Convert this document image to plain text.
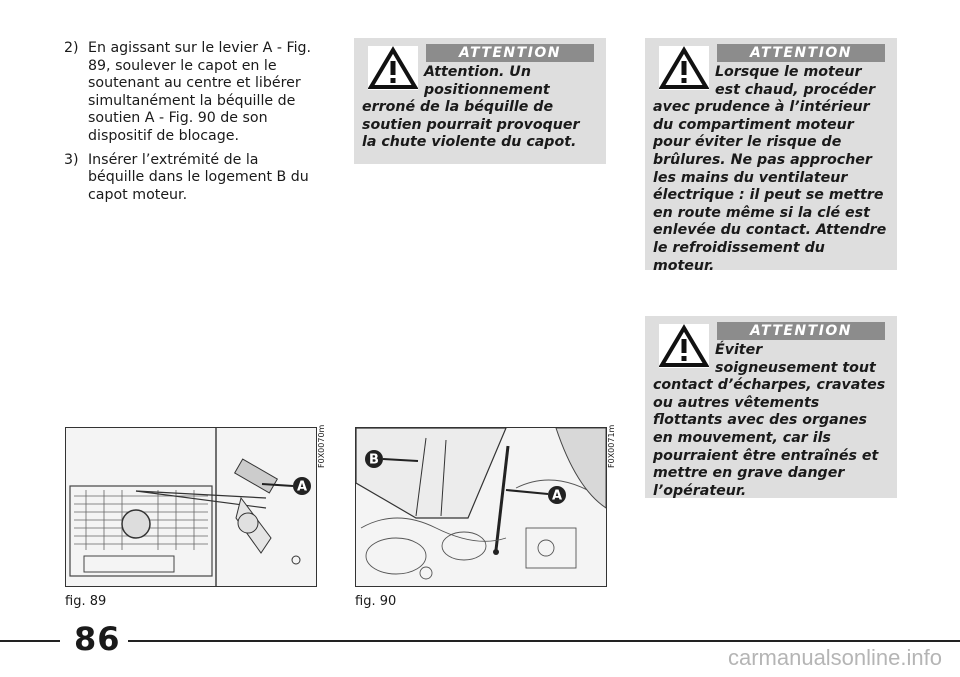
2) En agissant sur le levier A - Fig. 89, soulever le capot en le soutenant au centre et libérer simultanément la béquille de soutien A - Fig. 90 de son dispositif de blocage.
3) Insérer l’extrémité de la béquille dans le logement B du capot moteur.
ATTENTION
Attention. Un positionnement erroné de la béquille de soutien pourrait provoquer la chute violente du capot.
ATTENTION
Lorsque le moteur est chaud, procéder avec prudence à l’intérieur du compartiment moteur pour éviter le risque de brûlures. Ne pas approcher les mains du ventilateur électrique : il peut se mettre en route même si la clé est enlevée du contact. Attendre le refroidissement du moteur.
ATTENTION
Éviter soigneusement tout contact d’écharpes, cravates ou autres vêtements flottants avec des organes en mouvement, car ils pourraient être entraînés et mettre en grave danger l’opérateur.
A
F0X0070m
fig. 89
B
A
F0X0071m
fig. 90
86	carmanualsonline.info
